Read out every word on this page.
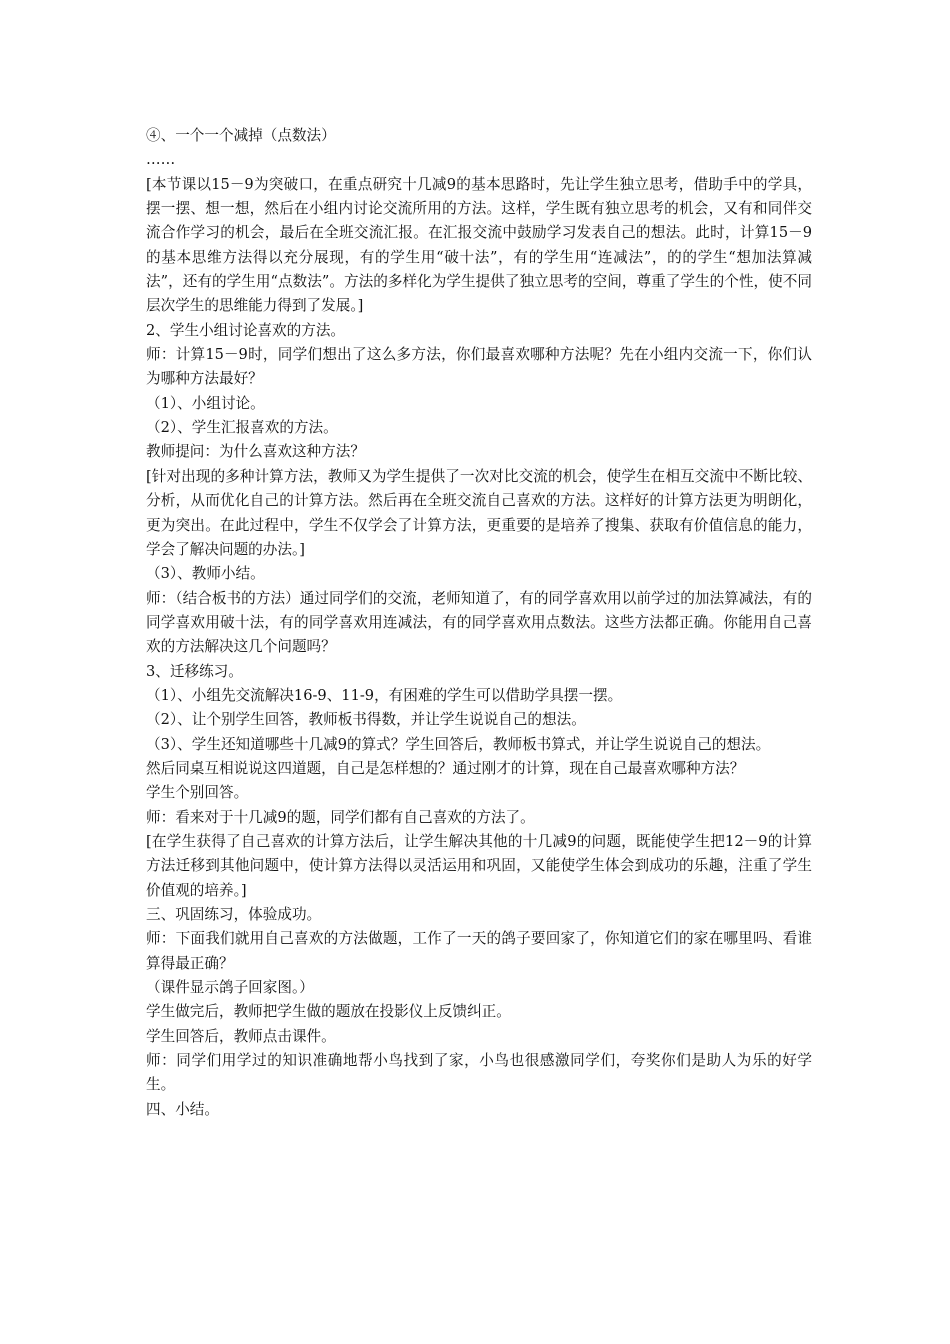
④、一个一个减掉（点数法）

……

[本节课以15－9为突破口，在重点研究十几减9的基本思路时，先让学生独立思考，借助手中的学具，摆一摆、想一想，然后在小组内讨论交流所用的方法。这样，学生既有独立思考的机会，又有和同伴交流合作学习的机会，最后在全班交流汇报。在汇报交流中鼓励学习发表自己的想法。此时，计算15－9的基本思维方法得以充分展现，有的学生用“破十法”，有的学生用“连减法”，的的学生“想加法算减法”，还有的学生用“点数法”。方法的多样化为学生提供了独立思考的空间，尊重了学生的个性，使不同层次学生的思维能力得到了发展。]

2、学生小组讨论喜欢的方法。

师：计算15－9时，同学们想出了这么多方法，你们最喜欢哪种方法呢？先在小组内交流一下，你们认为哪种方法最好？

（1）、小组讨论。

（2）、学生汇报喜欢的方法。

教师提问：为什么喜欢这种方法？

[针对出现的多种计算方法，教师又为学生提供了一次对比交流的机会，使学生在相互交流中不断比较、分析，从而优化自己的计算方法。然后再在全班交流自己喜欢的方法。这样好的计算方法更为明朗化，更为突出。在此过程中，学生不仅学会了计算方法，更重要的是培养了搜集、获取有价值信息的能力，学会了解决问题的办法。]

（3）、教师小结。

师：（结合板书的方法）通过同学们的交流，老师知道了，有的同学喜欢用以前学过的加法算减法，有的同学喜欢用破十法，有的同学喜欢用连减法，有的同学喜欢用点数法。这些方法都正确。你能用自己喜欢的方法解决这几个问题吗？

3、迁移练习。

（1）、小组先交流解决16-9、11-9，有困难的学生可以借助学具摆一摆。

（2）、让个别学生回答，教师板书得数，并让学生说说自己的想法。

（3）、学生还知道哪些十几减9的算式？学生回答后，教师板书算式，并让学生说说自己的想法。

然后同桌互相说说这四道题，自己是怎样想的？通过刚才的计算，现在自己最喜欢哪种方法？

学生个别回答。

师：看来对于十几减9的题，同学们都有自己喜欢的方法了。

[在学生获得了自己喜欢的计算方法后，让学生解决其他的十几减9的问题，既能使学生把12－9的计算方法迁移到其他问题中，使计算方法得以灵活运用和巩固，又能使学生体会到成功的乐趣，注重了学生价值观的培养。]

三、巩固练习，体验成功。

师：下面我们就用自己喜欢的方法做题，工作了一天的鸽子要回家了，你知道它们的家在哪里吗、看谁算得最正确？

（课件显示鸽子回家图。）

学生做完后，教师把学生做的题放在投影仪上反馈纠正。

学生回答后，教师点击课件。

师：同学们用学过的知识准确地帮小鸟找到了家，小鸟也很感激同学们，夸奖你们是助人为乐的好学生。

四、小结。
